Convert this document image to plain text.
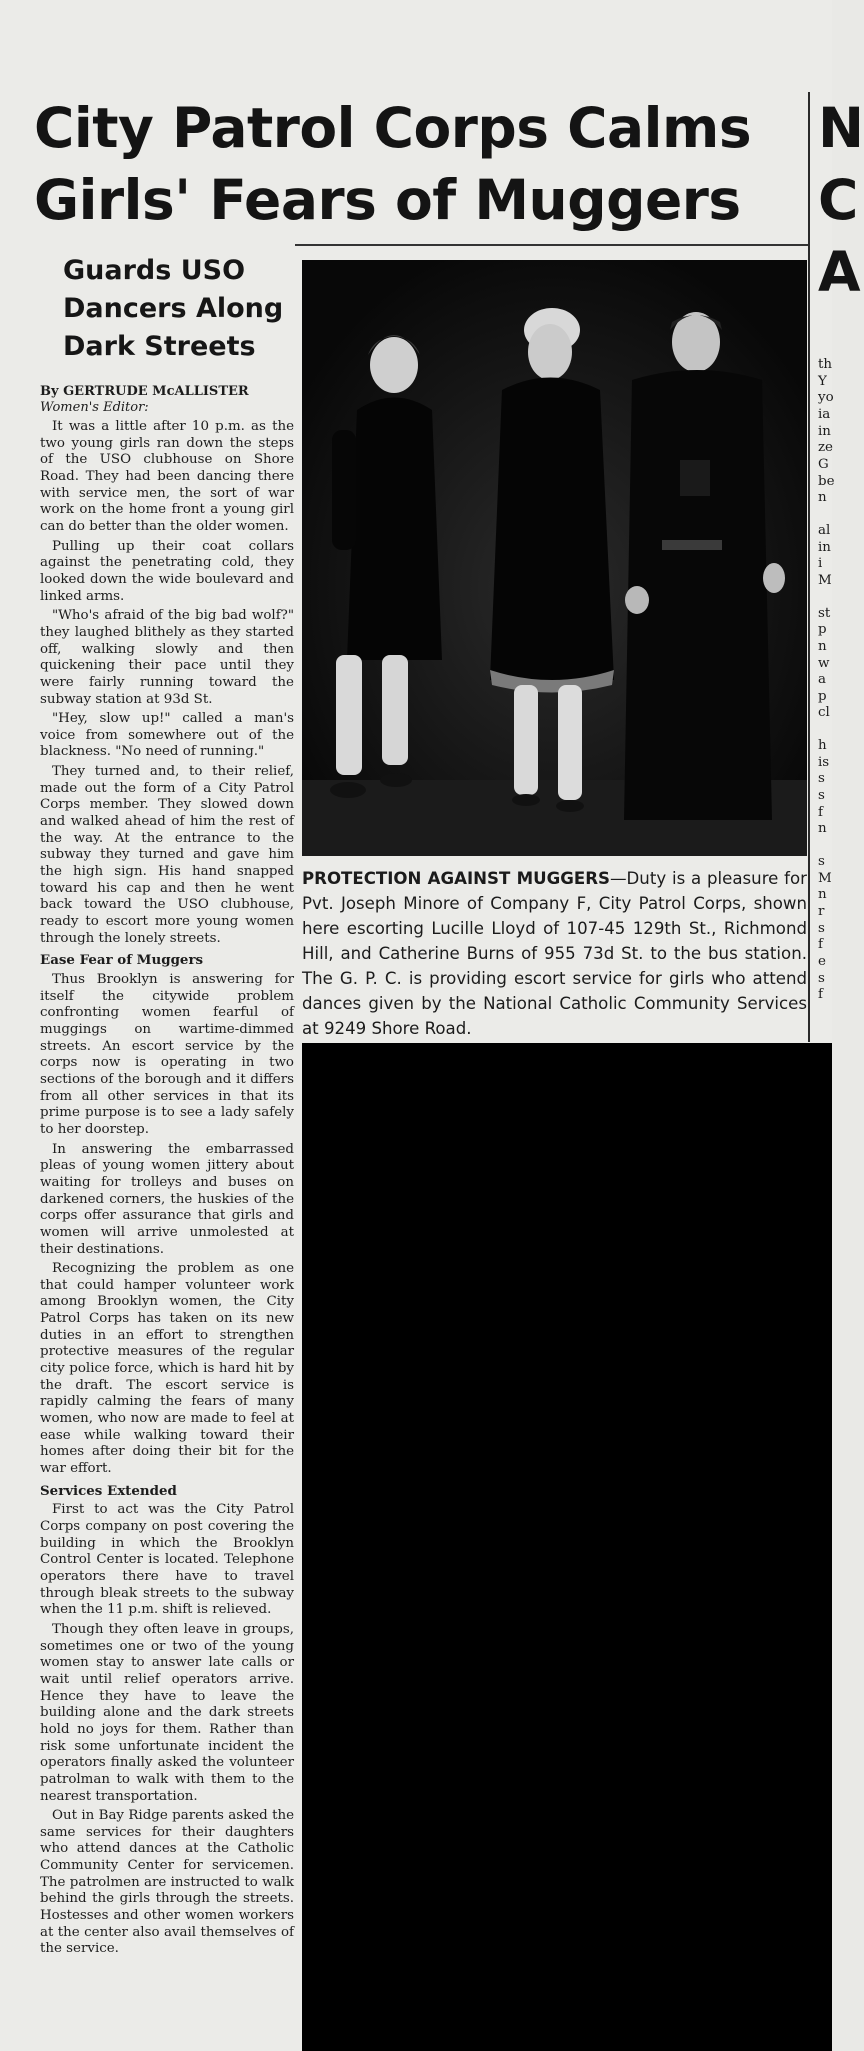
City Patrol Corps Calms
Girls' Fears of Muggers
Guards USO
Dancers Along
Dark Streets
By GERTRUDE McALLISTER
Women's Editor:

It was a little after 10 p.m. as the two young girls ran down the steps of the USO clubhouse on Shore Road. They had been dancing there with service men, the sort of war work on the home front a young girl can do better than the older women.

Pulling up their coat collars against the penetrating cold, they looked down the wide boulevard and linked arms.

"Who's afraid of the big bad wolf?" they laughed blithely as they started off, walking slowly and then quickening their pace until they were fairly running toward the subway station at 93d St.

"Hey, slow up!" called a man's voice from somewhere out of the blackness. "No need of running."

They turned and, to their relief, made out the form of a City Patrol Corps member. They slowed down and walked ahead of him the rest of the way. At the entrance to the subway they turned and gave him the high sign. His hand snapped toward his cap and then he went back toward the USO clubhouse, ready to escort more young women through the lonely streets.

Ease Fear of Muggers

Thus Brooklyn is answering for itself the citywide problem confronting women fearful of muggings on wartime-dimmed streets. An escort service by the corps now is operating in two sections of the borough and it differs from all other services in that its prime purpose is to see a lady safely to her doorstep.

In answering the embarrassed pleas of young women jittery about waiting for trolleys and buses on darkened corners, the huskies of the corps offer assurance that girls and women will arrive unmolested at their destinations.

Recognizing the problem as one that could hamper volunteer work among Brooklyn women, the City Patrol Corps has taken on its new duties in an effort to strengthen protective measures of the regular city police force, which is hard hit by the draft. The escort service is rapidly calming the fears of many women, who now are made to feel at ease while walking toward their homes after doing their bit for the war effort.

Services Extended

First to act was the City Patrol Corps company on post covering the building in which the Brooklyn Control Center is located. Telephone operators there have to travel through bleak streets to the subway when the 11 p.m. shift is relieved.

Though they often leave in groups, sometimes one or two of the young women stay to answer late calls or wait until relief operators arrive. Hence they have to leave the building alone and the dark streets hold no joys for them. Rather than risk some unfortunate incident the operators finally asked the volunteer patrolman to walk with them to the nearest transportation.

Out in Bay Ridge parents asked the same services for their daughters who attend dances at the Catholic Community Center for servicemen. The patrolmen are instructed to walk behind the girls through the streets. Hostesses and other women workers at the center also avail themselves of the service.

PROTECTION AGAINST MUGGERS—Duty is a pleasure for Pvt. Joseph Minore of Company F, City Patrol Corps, shown here escorting Lucille Lloyd of 107-45 129th St., Richmond Hill, and Catherine Burns of 955 73d St. to the bus station. The G. P. C. is providing escort service for girls who attend dances given by the National Catholic Community Services at 9249 Shore Road.
N
C
A
th
Y
yo
ia
in
ze
G
be
n
al
in
i
M
st
p
n
w
a
p
cl
h
is
s
s
f
n
s
M
n
r
s
f
e
s
f
